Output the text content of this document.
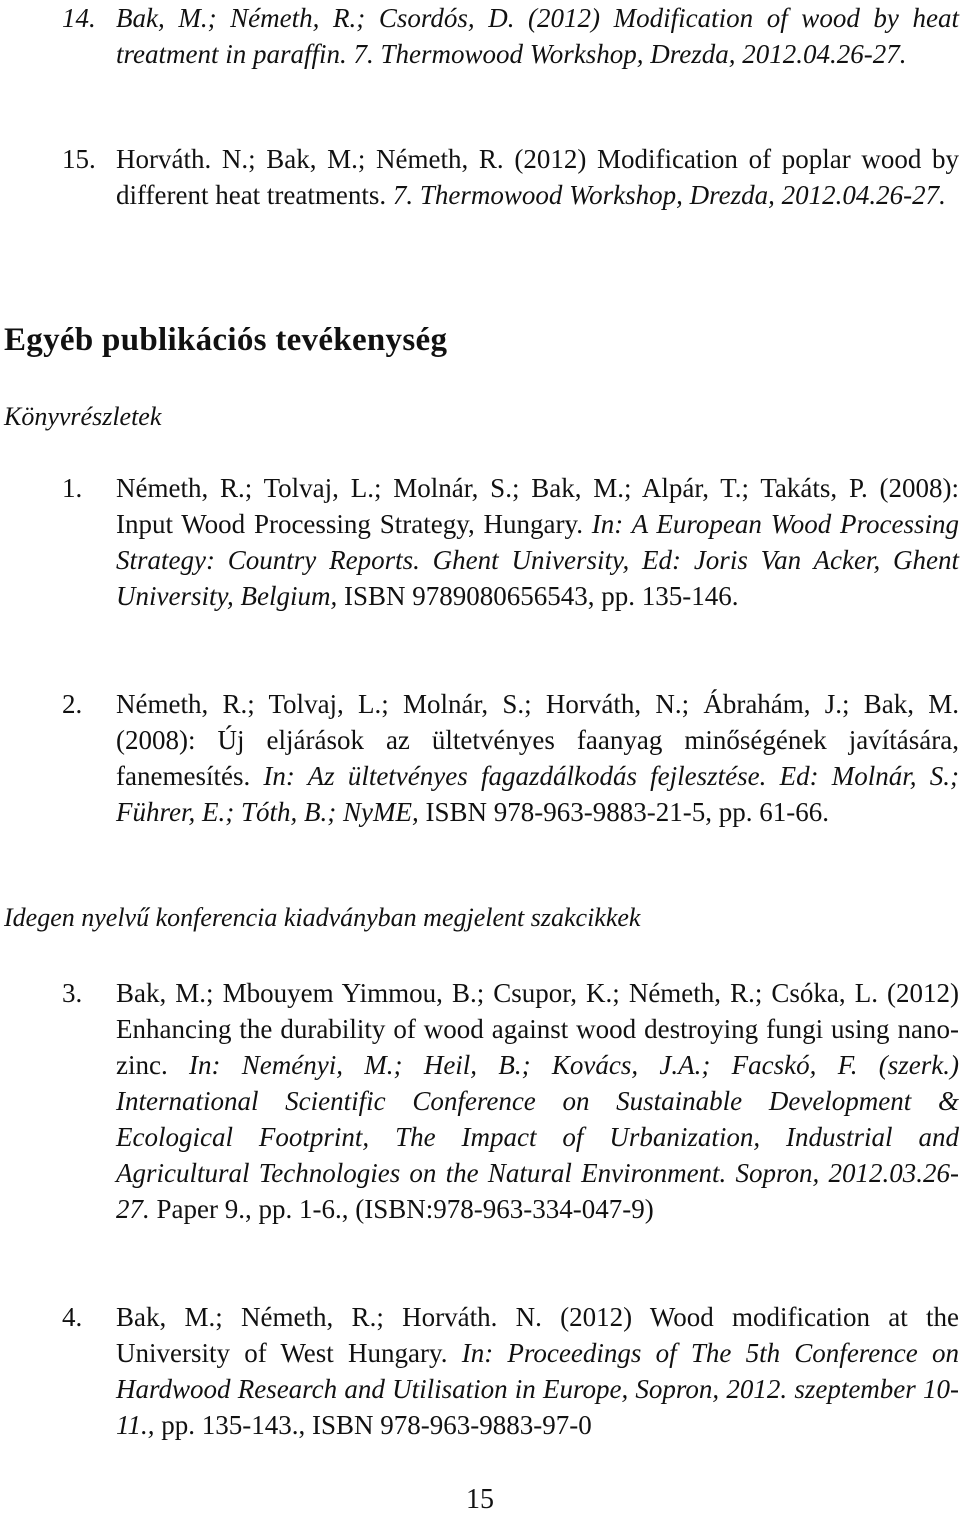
14. Bak, M.; Németh, R.; Csordós, D. (2012) Modification of wood by heat treatment in paraffin. 7. Thermowood Workshop, Drezda, 2012.04.26-27.
15. Horváth. N.; Bak, M.; Németh, R. (2012) Modification of poplar wood by different heat treatments. 7. Thermowood Workshop, Drezda, 2012.04.26-27.
Egyéb publikációs tevékenység
Könyvrészletek
1. Németh, R.; Tolvaj, L.; Molnár, S.; Bak, M.; Alpár, T.; Takáts, P. (2008): Input Wood Processing Strategy, Hungary. In: A European Wood Processing Strategy: Country Reports. Ghent University, Ed: Joris Van Acker, Ghent University, Belgium, ISBN 9789080656543, pp. 135-146.
2. Németh, R.; Tolvaj, L.; Molnár, S.; Horváth, N.; Ábrahám, J.; Bak, M. (2008): Új eljárások az ültetvényes faanyag minőségének javítására, fanemesítés. In: Az ültetvényes fagazdálkodás fejlesztése. Ed: Molnár, S.; Führer, E.; Tóth, B.; NyME, ISBN 978-963-9883-21-5, pp. 61-66.
Idegen nyelvű konferencia kiadványban megjelent szakcikkek
3. Bak, M.; Mbouyem Yimmou, B.; Csupor, K.; Németh, R.; Csóka, L. (2012) Enhancing the durability of wood against wood destroying fungi using nano-zinc. In: Neményi, M.; Heil, B.; Kovács, J.A.; Facskó, F. (szerk.) International Scientific Conference on Sustainable Development & Ecological Footprint, The Impact of Urbanization, Industrial and Agricultural Technologies on the Natural Environment. Sopron, 2012.03.26-27. Paper 9., pp. 1-6., (ISBN:978-963-334-047-9)
4. Bak, M.; Németh, R.; Horváth. N. (2012) Wood modification at the University of West Hungary. In: Proceedings of The 5th Conference on Hardwood Research and Utilisation in Europe, Sopron, 2012. szeptember 10-11., pp. 135-143., ISBN 978-963-9883-97-0
15
